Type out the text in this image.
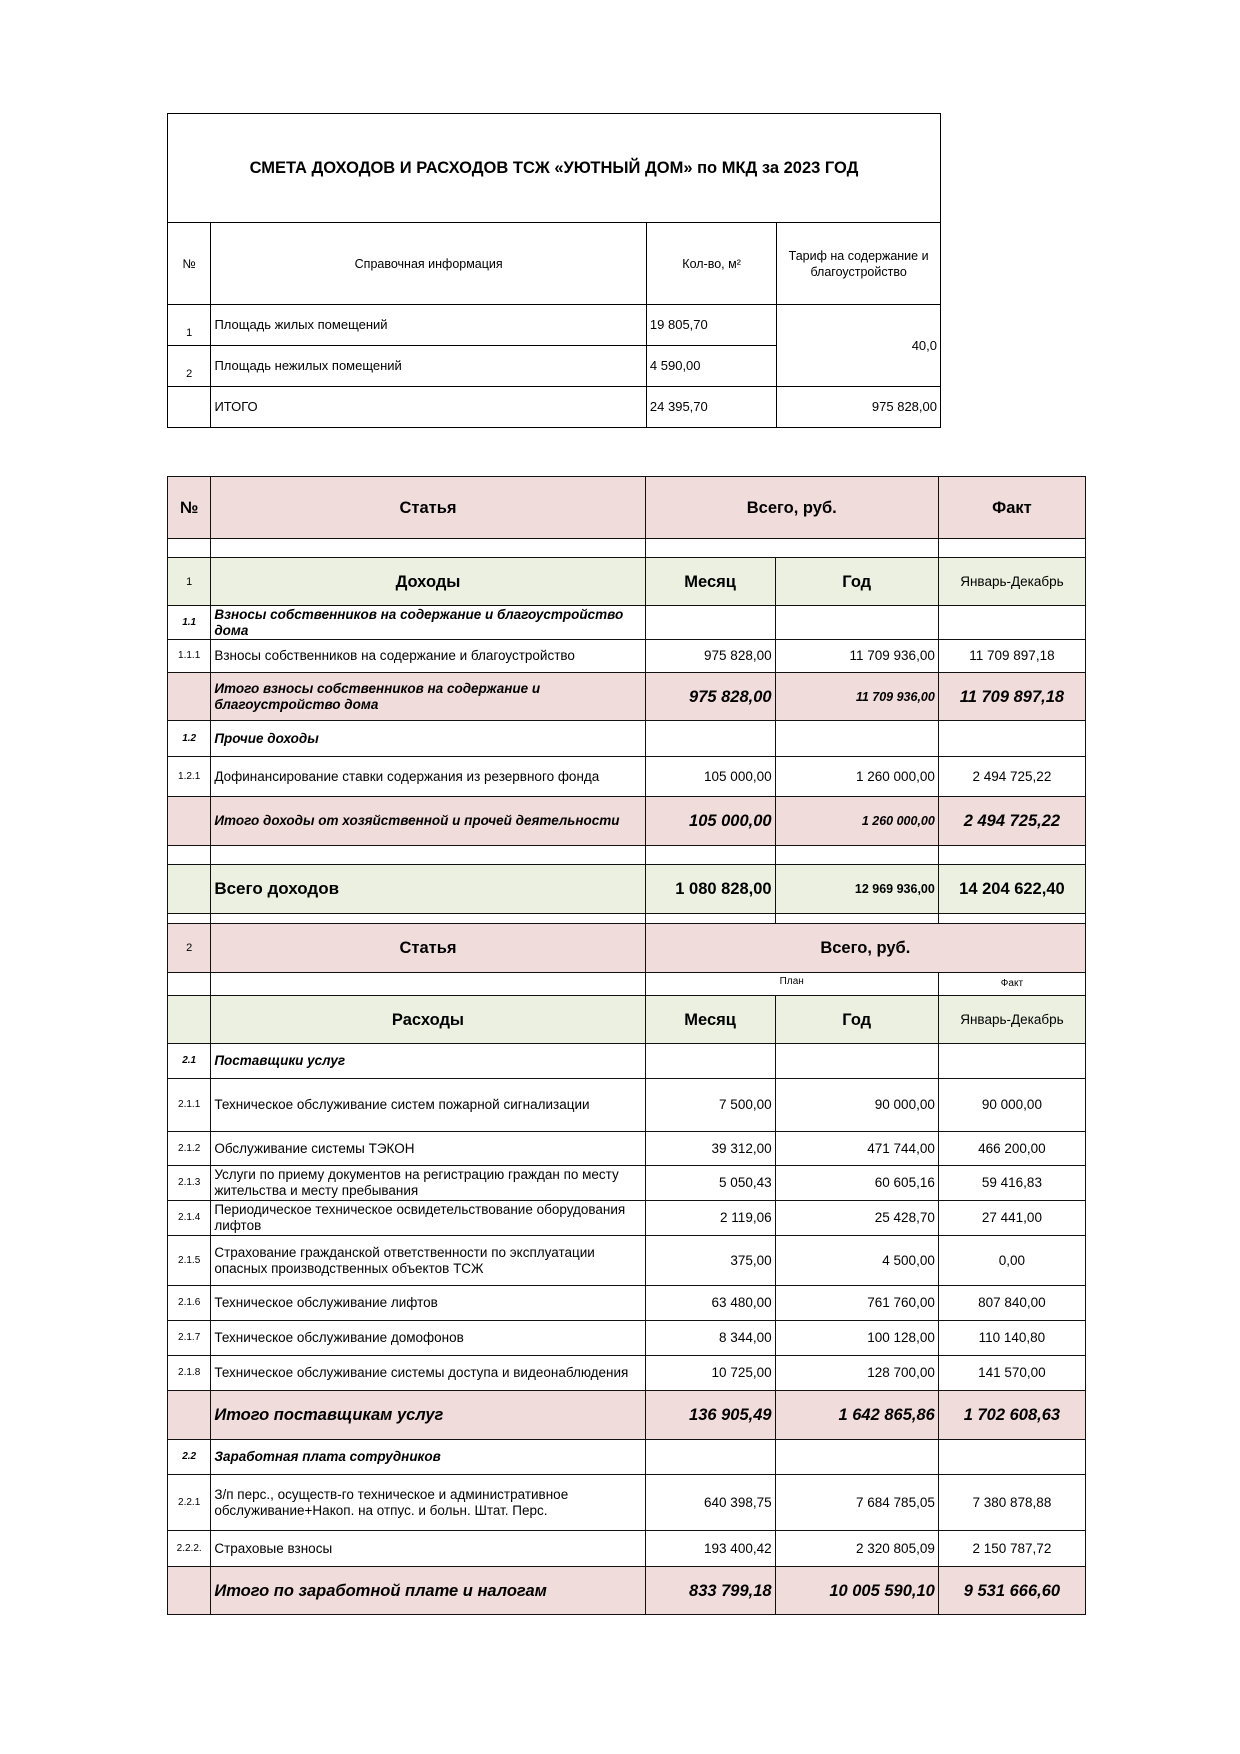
СМЕТА ДОХОДОВ И РАСХОДОВ ТСЖ «УЮТНЫЙ ДОМ» по МКД за 2023 ГОД			
№	Справочная информация	Кол-во, м²	Тариф на содержание и благоустройство
1	Площадь жилых помещений	19 805,70	40,0
2	Площадь нежилых помещений	4 590,00	
	ИТОГО	24 395,70	975 828,00
№	Статья	Всего, руб.		Факт

1	Доходы	Месяц	Год	Январь-Декабрь
1.1	Взносы собственников на содержание и благоустройство дома			
1.1.1	Взносы собственников на содержание и благоустройство	975 828,00	11 709 936,00	11 709 897,18
	Итого взносы собственников на содержание и благоустройство дома	975 828,00	11 709 936,00	11 709 897,18
1.2	Прочие доходы			
1.2.1	Дофинансирование ставки содержания из резервного фонда	105 000,00	1 260 000,00	2 494 725,22
	Итого доходы от хозяйственной и прочей деятельности	105 000,00	1 260 000,00	2 494 725,22

	Всего доходов	1 080 828,00	12 969 936,00	14 204 622,40

2	Статья	Всего, руб.		
		План		Факт
	Расходы	Месяц	Год	Январь-Декабрь
2.1	Поставщики услуг			
2.1.1	Техническое обслуживание систем пожарной сигнализации	7 500,00	90 000,00	90 000,00
2.1.2	Обслуживание системы ТЭКОН	39 312,00	471 744,00	466 200,00
2.1.3	Услуги по приему документов на регистрацию граждан по месту жительства и месту пребывания	5 050,43	60 605,16	59 416,83
2.1.4	Периодическое техническое освидетельствование оборудования лифтов	2 119,06	25 428,70	27 441,00
2.1.5	Страхование гражданской ответственности по эксплуатации опасных производственных объектов ТСЖ	375,00	4 500,00	0,00
2.1.6	Техническое обслуживание лифтов	63 480,00	761 760,00	807 840,00
2.1.7	Техническое обслуживание домофонов	8 344,00	100 128,00	110 140,80
2.1.8	Техническое обслуживание системы доступа и видеонаблюдения	10 725,00	128 700,00	141 570,00
	Итого поставщикам услуг	136 905,49	1 642 865,86	1 702 608,63
2.2	Заработная плата сотрудников			
2.2.1	З/п перс., осуществ-го техническое и административное обслуживание+Накоп. на отпус. и больн. Штат. Перс.	640 398,75	7 684 785,05	7 380 878,88
2.2.2.	Страховые взносы	193 400,42	2 320 805,09	2 150 787,72
	Итого по заработной плате и налогам	833 799,18	10 005 590,10	9 531 666,60
